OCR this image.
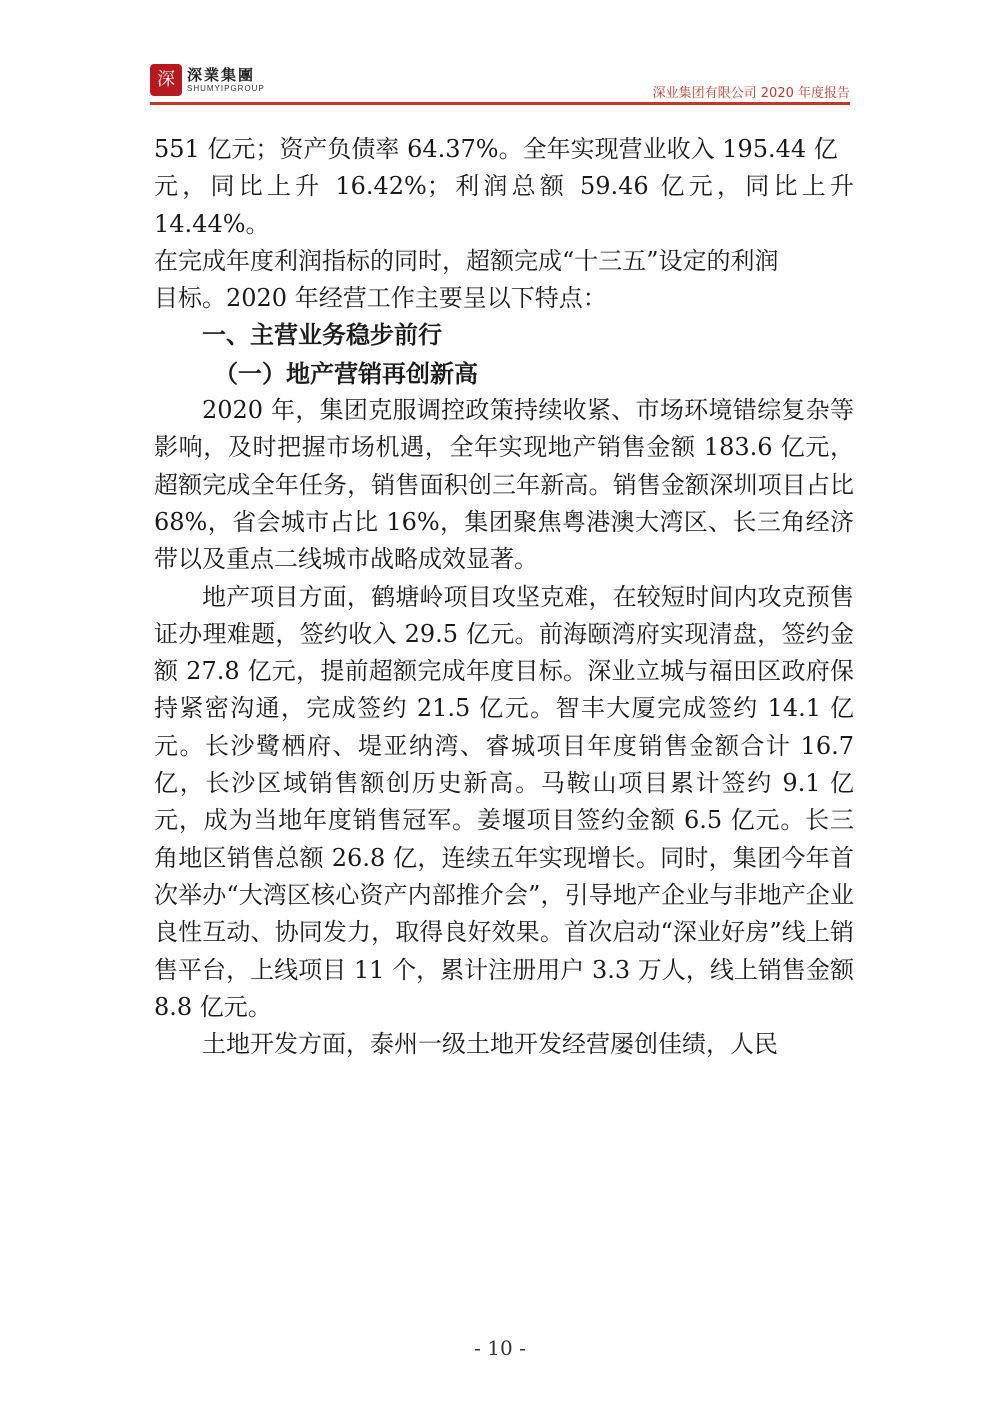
深 深業集團
SHUMYIPGROUP	深业集团有限公司 2020 年度报告

551 亿元；资产负债率 64.37%。全年实现营业收入 195.44 亿

元，同比上升 16.42%；利润总额 59.46 亿元，同比上升 14.44%。

在完成年度利润指标的同时，超额完成“十三五”设定的利润

目标。2020 年经营工作主要呈以下特点：

一、主营业务稳步前行
（一）地产营销再创新高

2020 年，集团克服调控政策持续收紧、市场环境错综复杂等影响，及时把握市场机遇，全年实现地产销售金额 183.6 亿元，超额完成全年任务，销售面积创三年新高。销售金额深圳项目占比 68%，省会城市占比 16%，集团聚焦粤港澳大湾区、长三角经济带以及重点二线城市战略成效显著。

地产项目方面，鹤塘岭项目攻坚克难，在较短时间内攻克预售证办理难题，签约收入 29.5 亿元。前海颐湾府实现清盘，签约金额 27.8 亿元，提前超额完成年度目标。深业立城与福田区政府保持紧密沟通，完成签约 21.5 亿元。智丰大厦完成签约 14.1 亿元。长沙鹭栖府、堤亚纳湾、睿城项目年度销售金额合计 16.7 亿，长沙区域销售额创历史新高。马鞍山项目累计签约 9.1 亿元，成为当地年度销售冠军。姜堰项目签约金额 6.5 亿元。长三角地区销售总额 26.8 亿，连续五年实现增长。同时，集团今年首次举办“大湾区核心资产内部推介会”，引导地产企业与非地产企业良性互动、协同发力，取得良好效果。首次启动“深业好房”线上销售平台，上线项目 11 个，累计注册用户 3.3 万人，线上销售金额 8.8 亿元。

土地开发方面，泰州一级土地开发经营屡创佳绩，人民

- 10 -
